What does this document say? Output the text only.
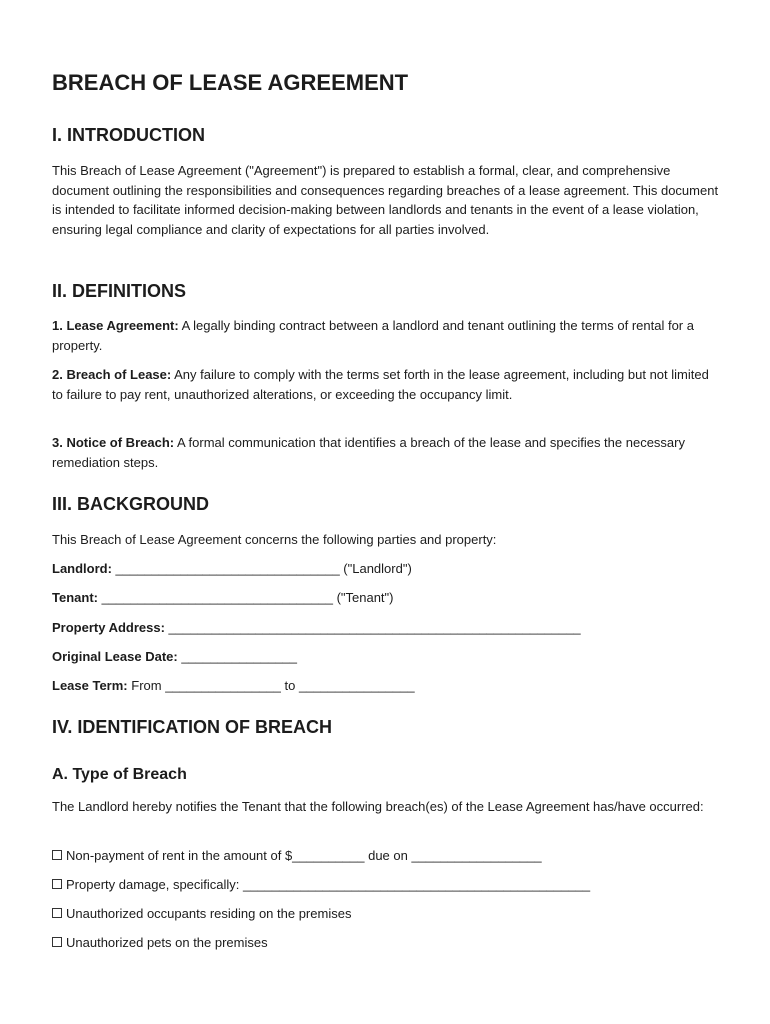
BREACH OF LEASE AGREEMENT
I. INTRODUCTION

This Breach of Lease Agreement ("Agreement") is prepared to establish a formal, clear, and comprehensive document outlining the responsibilities and consequences regarding breaches of a lease agreement. This document is intended to facilitate informed decision-making between landlords and tenants in the event of a lease violation, ensuring legal compliance and clarity of expectations for all parties involved.

II. DEFINITIONS

1. Lease Agreement: A legally binding contract between a landlord and tenant outlining the terms of rental for a property.

2. Breach of Lease: Any failure to comply with the terms set forth in the lease agreement, including but not limited to failure to pay rent, unauthorized alterations, or exceeding the occupancy limit.

3. Notice of Breach: A formal communication that identifies a breach of the lease and specifies the necessary remediation steps.

III. BACKGROUND

This Breach of Lease Agreement concerns the following parties and property:

Landlord: _______________________________ ("Landlord")

Tenant: ________________________________ ("Tenant")

Property Address: _________________________________________________________

Original Lease Date: ________________

Lease Term: From ________________ to ________________

IV. IDENTIFICATION OF BREACH
A. Type of Breach

The Landlord hereby notifies the Tenant that the following breach(es) of the Lease Agreement has/have occurred:

Non-payment of rent in the amount of $__________ due on __________________

Property damage, specifically: ________________________________________________

Unauthorized occupants residing on the premises

Unauthorized pets on the premises
